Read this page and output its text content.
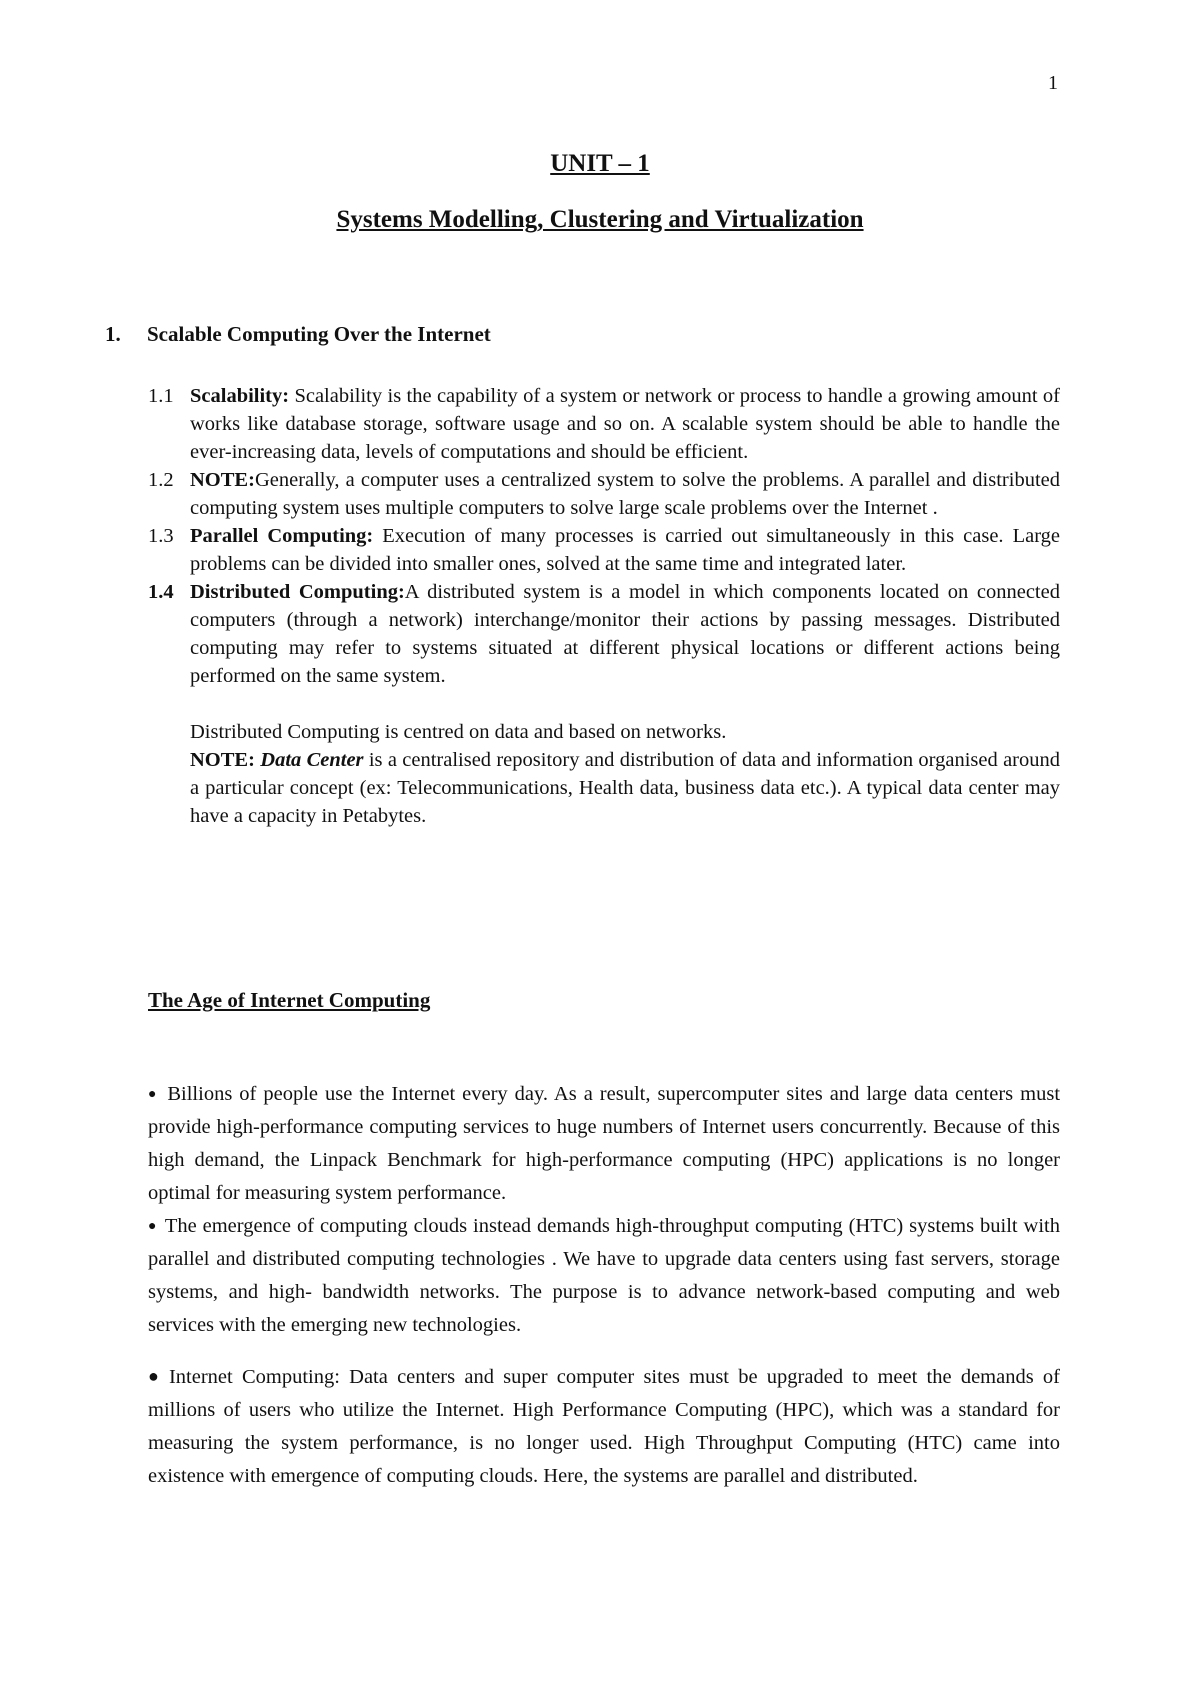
1
UNIT – 1
Systems Modelling, Clustering and Virtualization
1. Scalable Computing Over the Internet
1.1 Scalability: Scalability is the capability of a system or network or process to handle a growing amount of works like database storage, software usage and so on. A scalable system should be able to handle the ever-increasing data, levels of computations and should be efficient.
1.2 NOTE:Generally, a computer uses a centralized system to solve the problems. A parallel and distributed computing system uses multiple computers to solve large scale problems over the Internet .
1.3 Parallel Computing: Execution of many processes is carried out simultaneously in this case. Large problems can be divided into smaller ones, solved at the same time and integrated later.
1.4 Distributed Computing:A distributed system is a model in which components located on connected computers (through a network) interchange/monitor their actions by passing messages. Distributed computing may refer to systems situated at different physical locations or different actions being performed on the same system.
Distributed Computing is centred on data and based on networks.
NOTE: Data Center is a centralised repository and distribution of data and information organised around a particular concept (ex: Telecommunications, Health data, business data etc.). A typical data center may have a capacity in Petabytes.
The Age of Internet Computing
● Billions of people use the Internet every day. As a result, supercomputer sites and large data centers must provide high-performance computing services to huge numbers of Internet users concurrently. Because of this high demand, the Linpack Benchmark for high-performance computing (HPC) applications is no longer optimal for measuring system performance.
● The emergence of computing clouds instead demands high-throughput computing (HTC) systems built with parallel and distributed computing technologies . We have to upgrade data centers using fast servers, storage systems, and high- bandwidth networks. The purpose is to advance network-based computing and web services with the emerging new technologies.
● Internet Computing: Data centers and super computer sites must be upgraded to meet the demands of millions of users who utilize the Internet. High Performance Computing (HPC), which was a standard for measuring the system performance, is no longer used. High Throughput Computing (HTC) came into existence with emergence of computing clouds. Here, the systems are parallel and distributed.
